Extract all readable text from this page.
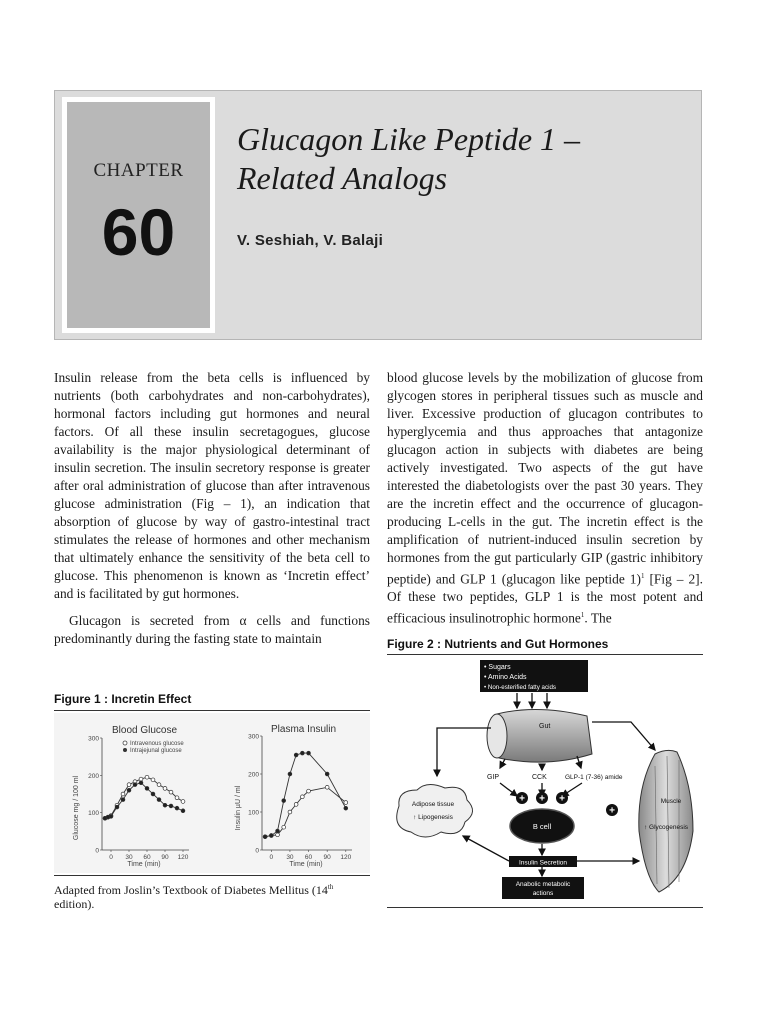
CHAPTER
60
Glucagon Like Peptide 1 –
Related Analogs
V. Seshiah, V. Balaji

Insulin release from the beta cells is influenced by nutrients (both carbohydrates and non-carbohydrates), hormonal factors including gut hormones and neural factors. Of all these insulin secretagogues, glucose availability is the major physiological determinant of insulin secretion. The insulin secretory response is greater after oral administration of glucose than after intravenous glucose administration (Fig – 1), an indication that absorption of glucose by way of gastro-intestinal tract stimulates the release of hormones and other mechanism that ultimately enhance the sensitivity of the beta cell to glucose. This phenomenon is known as ‘Incretin effect’ and is facilitated by gut hormones.

Glucagon is secreted from α cells and functions predominantly during the fasting state to maintain

Figure 1 : Incretin Effect
Blood Glucose
Glucose mg / 100 ml
Time (min)
Intravenous glucose
Intrajejunal glucose
0
100
200
300
0 30 60 90 120
Plasma Insulin
Insulin µU / ml
Time (min)
0
100
200
300
0 30 60 90 120
Adapted from Joslin’s Textbook of Diabetes Mellitus (14th edition).

blood glucose levels by the mobilization of glucose from glycogen stores in peripheral tissues such as muscle and liver. Excessive production of glucagon contributes to hyperglycemia and thus approaches that antagonize glucagon action in subjects with diabetes are being actively investigated. Two aspects of the gut have interested the diabetologists over the past 30 years. They are the incretin effect and the occurrence of glucagon-producing L-cells in the gut. The incretin effect is the amplification of nutrient-induced insulin secretion by hormones from the gut particularly GIP (gastric inhibitory peptide) and GLP 1 (glucagon like peptide 1)$^1$ [Fig – 2]. Of these two peptides, GLP 1 is the most potent and efficacious insulinotrophic hormone$^1$. The

Figure 2 : Nutrients and Gut Hormones
• Sugars
• Amino Acids
• Non-esterified fatty acids
Gut
GIP	CCK	GLP-1 (7-36) amide
+ + +
+
B cell
Adipose tissue
↑ Lipogenesis
Muscle
↑ Glycogenesis
Insulin Secretion
Anabolic metabolic
actions
